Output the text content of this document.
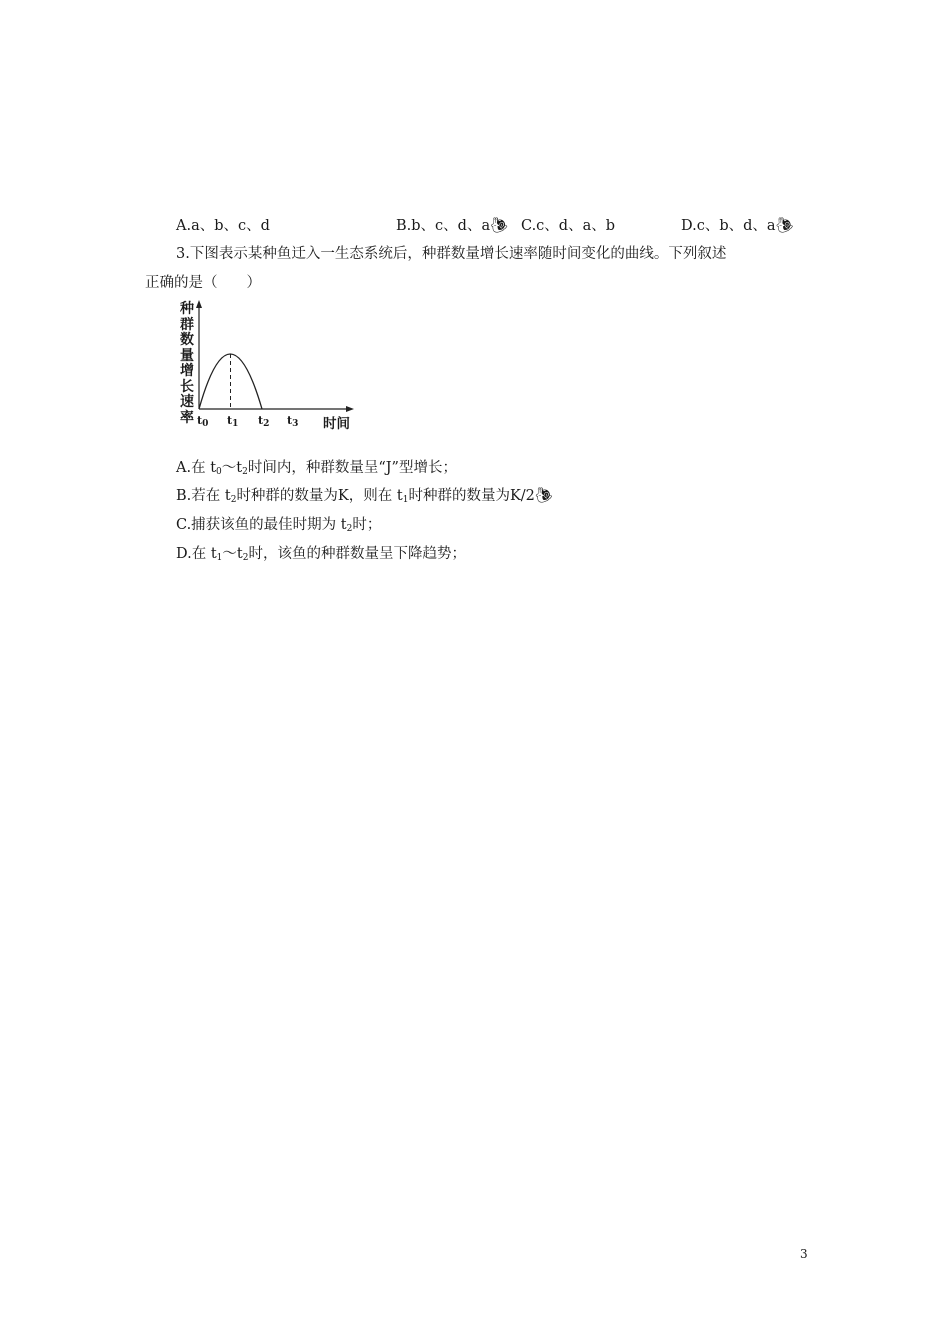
A.a、b、c、d	B.b、c、d、a🐌︎ C.c、d、a、b	D.c、b、d、a🐌︎
3.下图表示某种鱼迁入一生态系统后，种群数量增长速率随时间变化的曲线。下列叙述
正确的是（　　）
种群数量增长速率 $t_0$ $t_1$ $t_2$ $t_3$ 时间
A.在 $t_0\sim t_2$时间内，种群数量呈“J”型增长；
B.若在 $t_2$时种群的数量为K，则在 $t_1$时种群的数量为K/2🐌︎
C.捕获该鱼的最佳时期为 $t_2$时；
D.在 $t_1\sim t_2$时，该鱼的种群数量呈下降趋势；
3
